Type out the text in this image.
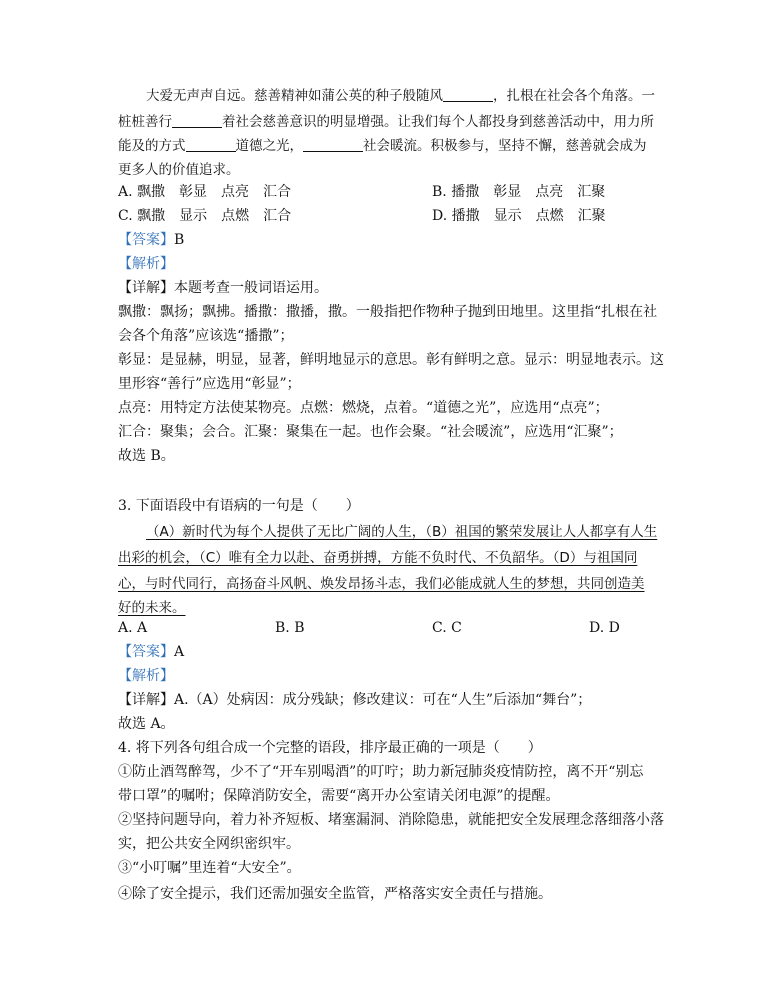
大爱无声声自远。慈善精神如蒲公英的种子般随风	，扎根在社会各个角落。一
桩桩善行	着社会慈善意识的明显增强。让我们每个人都投身到慈善活动中，用力所
能及的方式	道德之光，	社会暖流。积极参与，坚持不懈，慈善就会成为
更多人的价值追求。
A. 飘撒　彰显　点亮　汇合	B. 播撒　彰显　点亮　汇聚
C. 飘撒　显示　点燃　汇合	D. 播撒　显示　点燃　汇聚
【答案】B
【解析】
【详解】本题考查一般词语运用。
飘撒：飘扬；飘拂。播撒：撒播，撒。一般指把作物种子抛到田地里。这里指“扎根在社
会各个角落”应该选“播撒”；
彰显：是显赫，明显，显著，鲜明地显示的意思。彰有鲜明之意。显示：明显地表示。这
里形容“善行”应选用“彰显”；
点亮：用特定方法使某物亮。点燃：燃烧，点着。“道德之光”，应选用“点亮”；
汇合：聚集；会合。汇聚：聚集在一起。也作会聚。“社会暖流”，应选用“汇聚”；
故选 B。
3. 下面语段中有语病的一句是（　　）
（A）新时代为每个人提供了无比广阔的人生，（B）祖国的繁荣发展让人人都享有人生
出彩的机会，（C）唯有全力以赴、奋勇拼搏，方能不负时代、不负韶华。（D）与祖国同
心，与时代同行，高扬奋斗风帆、焕发昂扬斗志，我们必能成就人生的梦想，共同创造美
好的未来。
A. A	B. B	C. C	D. D
【答案】A
【解析】
【详解】A.（A）处病因：成分残缺；修改建议：可在“人生”后添加“舞台”；
故选 A。
4. 将下列各句组合成一个完整的语段，排序最正确的一项是（　　）
①防止酒驾醉驾，少不了“开车别喝酒”的叮咛；助力新冠肺炎疫情防控，离不开“别忘
带口罩”的嘱咐；保障消防安全，需要“离开办公室请关闭电源”的提醒。
②坚持问题导向，着力补齐短板、堵塞漏洞、消除隐患，就能把安全发展理念落细落小落
实，把公共安全网织密织牢。
③“小叮嘱”里连着“大安全”。
④除了安全提示，我们还需加强安全监管，严格落实安全责任与措施。
